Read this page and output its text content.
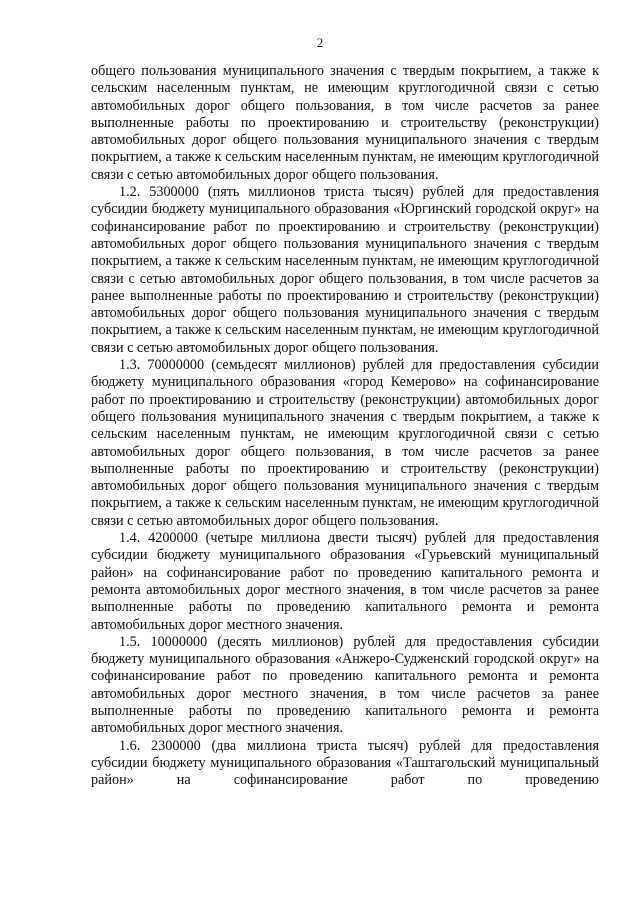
2

общего пользования муниципального значения с твердым покрытием, а также к сельским населенным пунктам, не имеющим круглогодичной связи с сетью автомобильных дорог общего пользования, в том числе расчетов за ранее выполненные работы по проектированию и строительству (реконструкции) автомобильных дорог общего пользования муниципального значения с твердым покрытием, а также к сельским населенным пунктам, не имеющим круглогодичной связи с сетью автомобильных дорог общего пользования.

1.2. 5300000 (пять миллионов триста тысяч) рублей для предоставления субсидии бюджету муниципального образования «Юргинский городской округ» на софинансирование работ по проектированию и строительству (реконструкции) автомобильных дорог общего пользования муниципального значения с твердым покрытием, а также к сельским населенным пунктам, не имеющим круглогодичной связи с сетью автомобильных дорог общего пользования, в том числе расчетов за ранее выполненные работы по проектированию и строительству (реконструкции) автомобильных дорог общего пользования муниципального значения с твердым покрытием, а также к сельским населенным пунктам, не имеющим круглогодичной связи с сетью автомобильных дорог общего пользования.

1.3. 70000000 (семьдесят миллионов) рублей для предоставления субсидии бюджету муниципального образования «город Кемерово» на софинансирование работ по проектированию и строительству (реконструкции) автомобильных дорог общего пользования муниципального значения с твердым покрытием, а также к сельским населенным пунктам, не имеющим круглогодичной связи с сетью автомобильных дорог общего пользования, в том числе расчетов за ранее выполненные работы по проектированию и строительству (реконструкции) автомобильных дорог общего пользования муниципального значения с твердым покрытием, а также к сельским населенным пунктам, не имеющим круглогодичной связи с сетью автомобильных дорог общего пользования.

1.4. 4200000 (четыре миллиона двести тысяч) рублей для предоставления субсидии бюджету муниципального образования «Гурьевский муниципальный район» на софинансирование работ по проведению капитального ремонта и ремонта автомобильных дорог местного значения, в том числе расчетов за ранее выполненные работы по проведению капитального ремонта и ремонта автомобильных дорог местного значения.

1.5. 10000000 (десять миллионов) рублей для предоставления субсидии бюджету муниципального образования «Анжеро-Судженский городской округ» на софинансирование работ по проведению капитального ремонта и ремонта автомобильных дорог местного значения, в том числе расчетов за ранее выполненные работы по проведению капитального ремонта и ремонта автомобильных дорог местного значения.

1.6. 2300000 (два миллиона триста тысяч) рублей для предоставления субсидии бюджету муниципального образования «Таштагольский муниципальный район» на софинансирование работ по проведению
